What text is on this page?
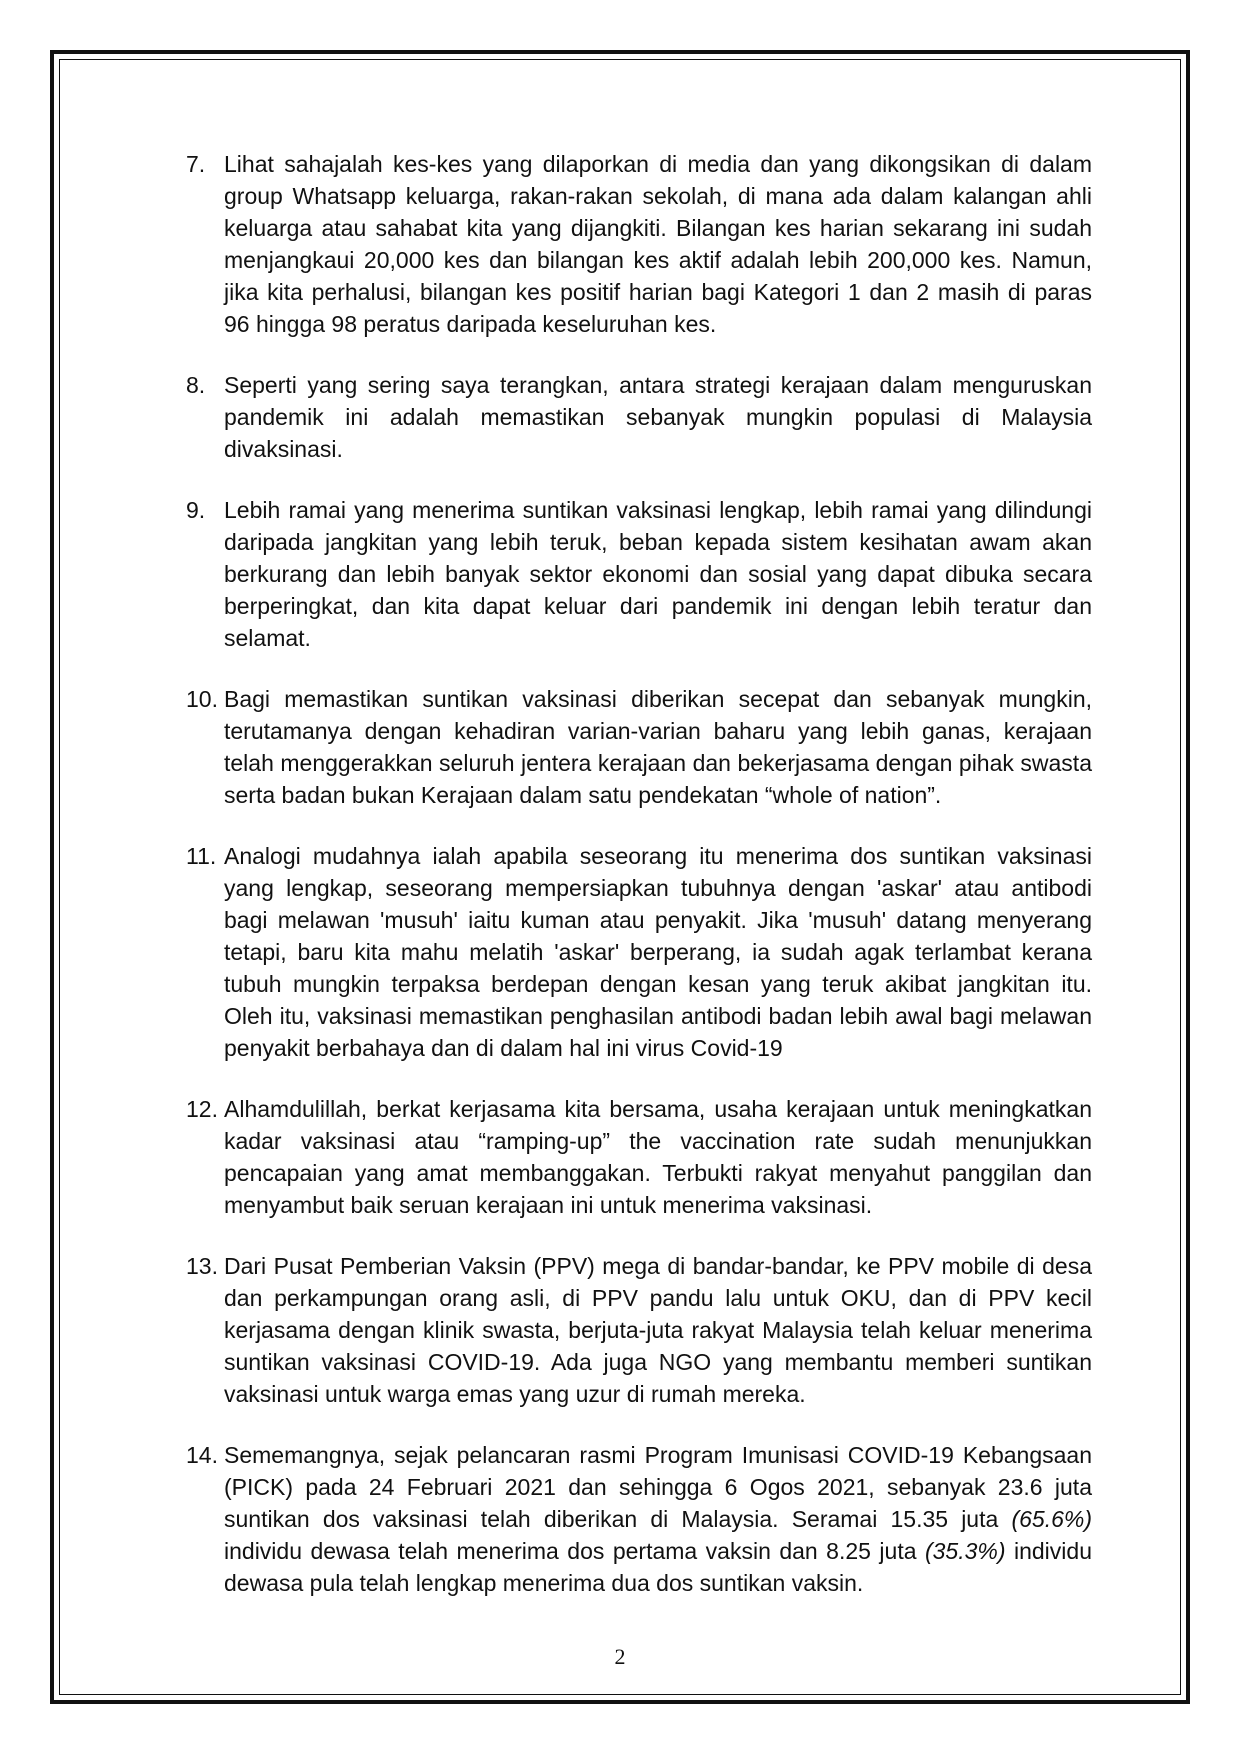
7. Lihat sahajalah kes-kes yang dilaporkan di media dan yang dikongsikan di dalam group Whatsapp keluarga, rakan-rakan sekolah, di mana ada dalam kalangan ahli keluarga atau sahabat kita yang dijangkiti. Bilangan kes harian sekarang ini sudah menjangkaui 20,000 kes dan bilangan kes aktif adalah lebih 200,000 kes. Namun, jika kita perhalusi, bilangan kes positif harian bagi Kategori 1 dan 2 masih di paras 96 hingga 98 peratus daripada keseluruhan kes.
8. Seperti yang sering saya terangkan, antara strategi kerajaan dalam menguruskan pandemik ini adalah memastikan sebanyak mungkin populasi di Malaysia divaksinasi.
9. Lebih ramai yang menerima suntikan vaksinasi lengkap, lebih ramai yang dilindungi daripada jangkitan yang lebih teruk, beban kepada sistem kesihatan awam akan berkurang dan lebih banyak sektor ekonomi dan sosial yang dapat dibuka secara berperingkat, dan kita dapat keluar dari pandemik ini dengan lebih teratur dan selamat.
10. Bagi memastikan suntikan vaksinasi diberikan secepat dan sebanyak mungkin, terutamanya dengan kehadiran varian-varian baharu yang lebih ganas, kerajaan telah menggerakkan seluruh jentera kerajaan dan bekerjasama dengan pihak swasta serta badan bukan Kerajaan dalam satu pendekatan “whole of nation”.
11. Analogi mudahnya ialah apabila seseorang itu menerima dos suntikan vaksinasi yang lengkap, seseorang mempersiapkan tubuhnya dengan 'askar' atau antibodi bagi melawan 'musuh' iaitu kuman atau penyakit. Jika 'musuh' datang menyerang tetapi, baru kita mahu melatih 'askar' berperang, ia sudah agak terlambat kerana tubuh mungkin terpaksa berdepan dengan kesan yang teruk akibat jangkitan itu. Oleh itu, vaksinasi memastikan penghasilan antibodi badan lebih awal bagi melawan penyakit berbahaya dan di dalam hal ini virus Covid-19
12. Alhamdulillah, berkat kerjasama kita bersama, usaha kerajaan untuk meningkatkan kadar vaksinasi atau “ramping-up” the vaccination rate sudah menunjukkan pencapaian yang amat membanggakan. Terbukti rakyat menyahut panggilan dan menyambut baik seruan kerajaan ini untuk menerima vaksinasi.
13. Dari Pusat Pemberian Vaksin (PPV) mega di bandar-bandar, ke PPV mobile di desa dan perkampungan orang asli, di PPV pandu lalu untuk OKU, dan di PPV kecil kerjasama dengan klinik swasta, berjuta-juta rakyat Malaysia telah keluar menerima suntikan vaksinasi COVID-19. Ada juga NGO yang membantu memberi suntikan vaksinasi untuk warga emas yang uzur di rumah mereka.
14. Sememangnya, sejak pelancaran rasmi Program Imunisasi COVID-19 Kebangsaan (PICK) pada 24 Februari 2021 dan sehingga 6 Ogos 2021, sebanyak 23.6 juta suntikan dos vaksinasi telah diberikan di Malaysia. Seramai 15.35 juta (65.6%) individu dewasa telah menerima dos pertama vaksin dan 8.25 juta (35.3%) individu dewasa pula telah lengkap menerima dua dos suntikan vaksin.
2
